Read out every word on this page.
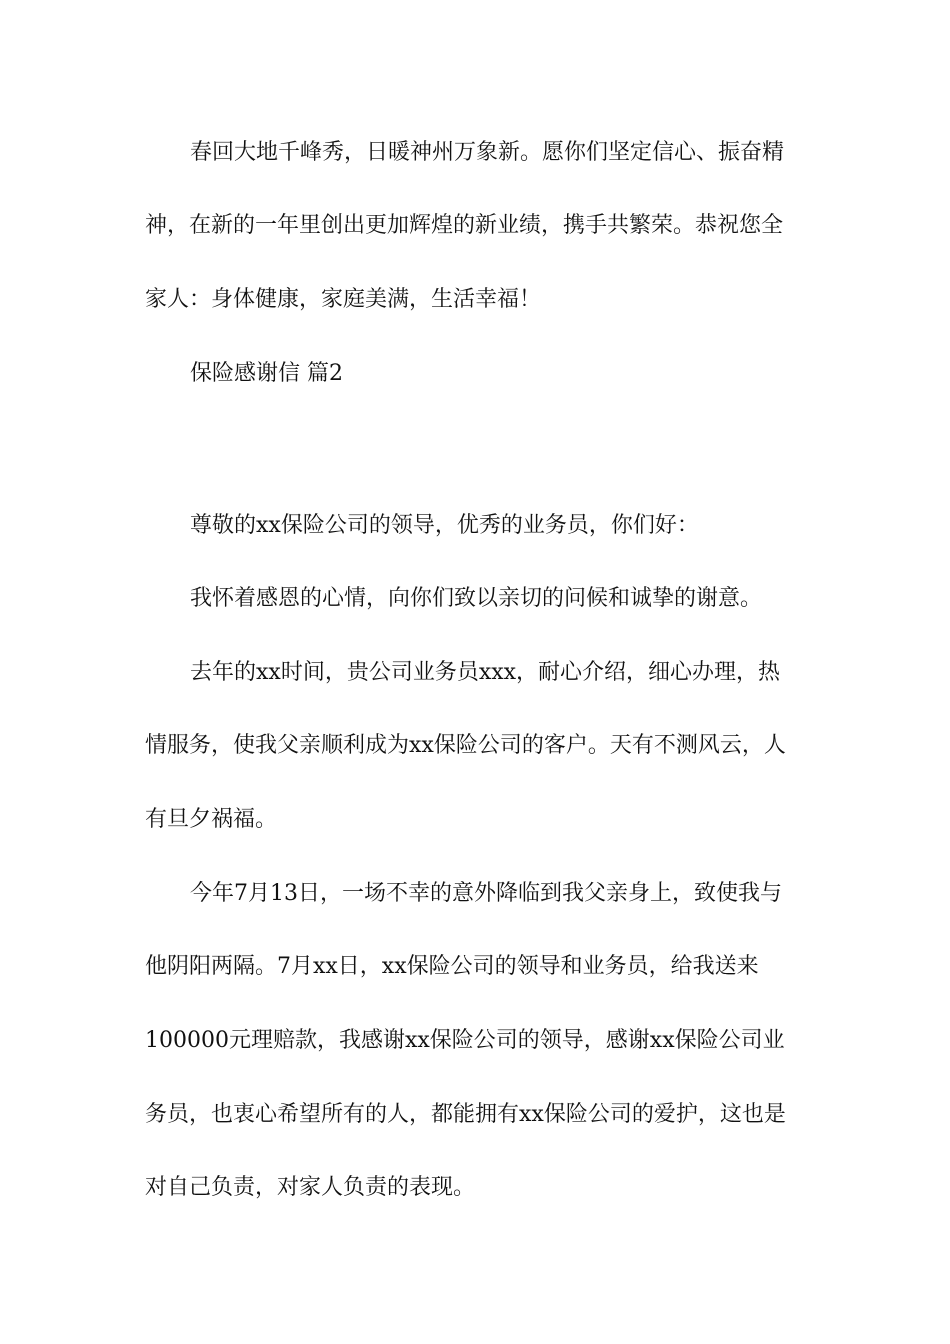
春回大地千峰秀，日暖神州万象新。愿你们坚定信心、振奋精
神，在新的一年里创出更加辉煌的新业绩，携手共繁荣。恭祝您全
家人：身体健康，家庭美满，生活幸福！
保险感谢信 篇2
尊敬的xx保险公司的领导，优秀的业务员，你们好：
我怀着感恩的心情，向你们致以亲切的问候和诚挚的谢意。
去年的xx时间，贵公司业务员xxx，耐心介绍，细心办理，热
情服务，使我父亲顺利成为xx保险公司的客户。天有不测风云，人
有旦夕祸福。
今年7月13日，一场不幸的意外降临到我父亲身上，致使我与
他阴阳两隔。7月xx日，xx保险公司的领导和业务员，给我送来
100000元理赔款，我感谢xx保险公司的领导，感谢xx保险公司业
务员，也衷心希望所有的人，都能拥有xx保险公司的爱护，这也是
对自己负责，对家人负责的表现。
